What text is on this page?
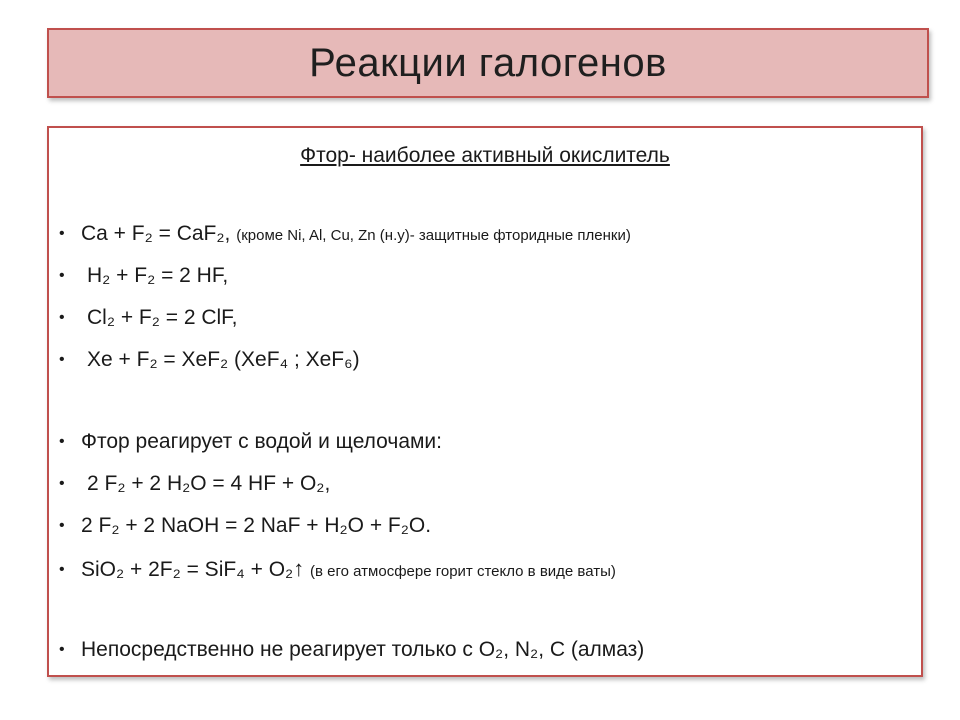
Реакции галогенов
Фтор- наиболее активный окислитель
• Ca + F₂ = CaF₂, (кроме Ni, Al, Cu, Zn (н.у)- защитные фторидные пленки)
• H₂ + F₂ = 2 HF,
• Cl₂ + F₂ = 2 ClF,
• Xe + F₂ = XeF₂ (XeF₄ ; XeF₆)
• Фтор реагирует с водой и щелочами:
• 2 F₂ + 2 H₂O = 4 HF + O₂,
• 2 F₂ + 2 NaOH = 2 NaF + H₂O + F₂O.
• SiO₂ + 2F₂ = SiF₄ + O₂↑ (в его атмосфере горит стекло в виде ваты)
• Непосредственно не реагирует только с O₂, N₂, С (алмаз)
